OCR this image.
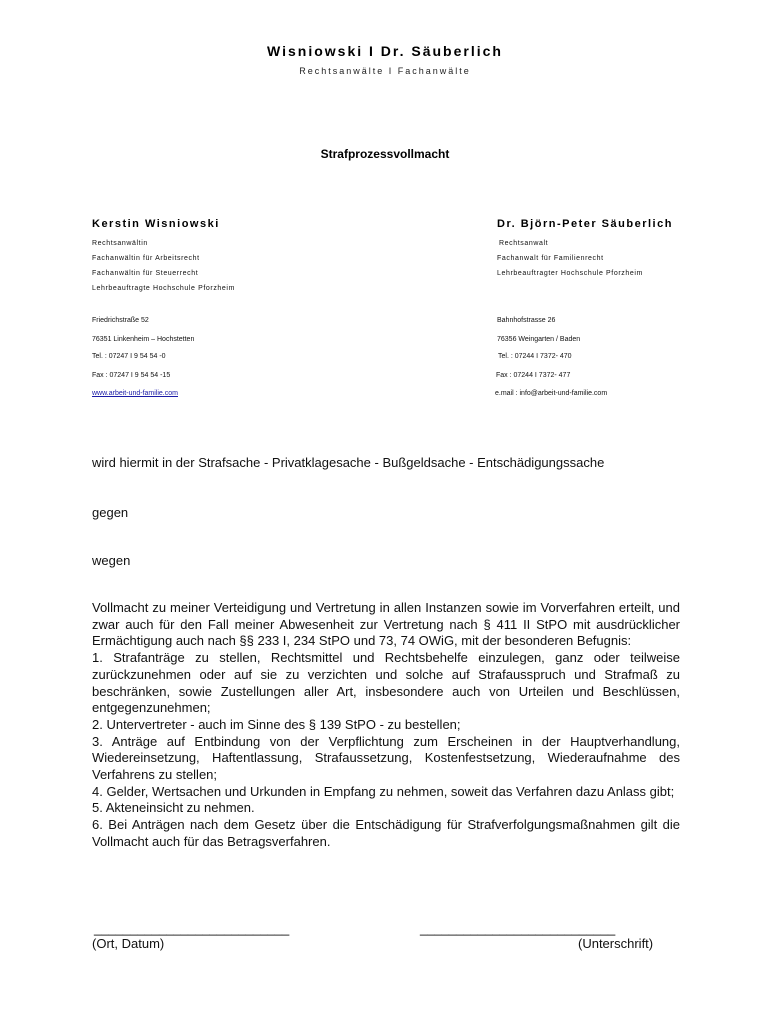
Wisniowski I Dr. Säuberlich
Rechtsanwälte I Fachanwälte
Strafprozessvollmacht
Kerstin Wisniowski
Rechtsanwältin
Fachanwältin für Arbeitsrecht
Fachanwältin für Steuerrecht
Lehrbeauftragte Hochschule Pforzheim
Friedrichstraße 52
76351 Linkenheim – Hochstetten
Tel. : 07247 I 9 54 54 -0
Fax : 07247 I 9 54 54 -15
www.arbeit-und-familie.com
Dr. Björn-Peter Säuberlich
Rechtsanwalt
Fachanwalt für Familienrecht
Lehrbeauftragter Hochschule Pforzheim
Bahnhofstrasse 26
76356 Weingarten / Baden
Tel. : 07244 I 7372- 470
Fax : 07244 I 7372- 477
e.mail : info@arbeit-und-familie.com
wird hiermit in der Strafsache - Privatklagesache - Bußgeldsache - Entschädigungssache
gegen
wegen

Vollmacht zu meiner Verteidigung und Vertretung in allen Instanzen sowie im Vorverfahren erteilt, und zwar auch für den Fall meiner Abwesenheit zur Vertretung nach § 411 II StPO mit ausdrücklicher Ermächtigung auch nach §§ 233 I, 234 StPO und 73, 74 OWiG, mit der besonderen Befugnis:

1. Strafanträge zu stellen, Rechtsmittel und Rechtsbehelfe einzulegen, ganz oder teilweise zurückzunehmen oder auf sie zu verzichten und solche auf Strafausspruch und Strafmaß zu beschränken, sowie Zustellungen aller Art, insbesondere auch von Urteilen und Beschlüssen, entgegenzunehmen;

2. Untervertreter - auch im Sinne des § 139 StPO - zu bestellen;

3. Anträge auf Entbindung von der Verpflichtung zum Erscheinen in der Hauptverhandlung, Wiedereinsetzung, Haftentlassung, Strafaussetzung, Kostenfestsetzung, Wiederaufnahme des Verfahrens zu stellen;

4. Gelder, Wertsachen und Urkunden in Empfang zu nehmen, soweit das Verfahren dazu Anlass gibt;

5. Akteneinsicht zu nehmen.

6. Bei Anträgen nach dem Gesetz über die Entschädigung für Strafverfolgungsmaßnahmen gilt die Vollmacht auch für das Betragsverfahren.

___________________________	___________________________
(Ort, Datum)	(Unterschrift)
